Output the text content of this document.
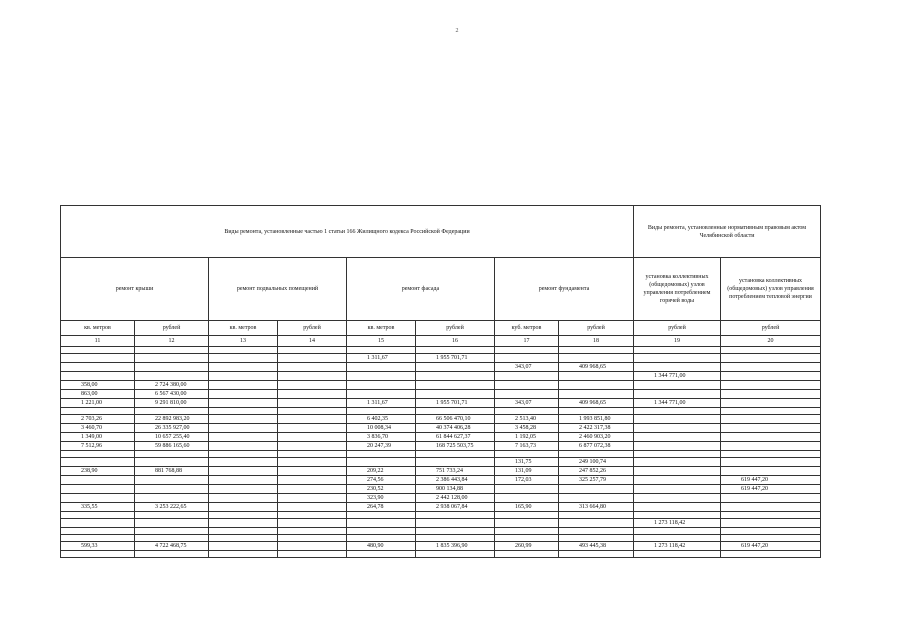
2
Виды ремонта, установленные частью 1 статьи 166 Жилищного кодекса Российской Федерации								Виды ремонта, установленные нормативным правовым актом Челябинской области	
ремонт крыши		ремонт подвальных помещений		ремонт фасада		ремонт фундамента		установка коллективных (общедомовых) узлов управления потреблением горячей воды	установка коллективных (общедомовых) узлов управления потреблением тепловой энергии
кв. метров	рублей	кв. метров	рублей	кв. метров	рублей	куб. метров	рублей	рублей	рублей
11	12	13	14	15	16	17	18	19	20

				1 311,67	1 955 701,71				
						343,07	409 968,65		
								1 344 771,00	
358,00	2 724 380,00								
863,00	6 567 430,00								
1 221,00	9 291 810,00			1 311,67	1 955 701,71	343,07	409 968,65	1 344 771,00	

2 703,26	22 892 983,20			6 402,35	66 506 470,10	2 513,40	1 993 851,80		
3 460,70	26 335 927,00			10 008,34	40 374 406,28	3 458,28	2 422 317,38		
1 349,00	10 657 255,40			3 836,70	61 844 627,37	1 192,05	2 460 903,20		
7 512,96	59 886 165,60			20 247,39	168 725 503,75	7 163,73	6 877 072,38		

						131,75	249 100,74		
238,90	881 768,88			209,22	751 733,24	131,09	247 852,26		
				274,56	2 386 443,84	172,03	325 257,79		619 447,20
				230,52	900 134,88				619 447,20
				323,90	2 442 128,00				
335,55	3 253 222,65			264,78	2 938 067,84	165,90	313 664,80		

								1 273 118,42	

599,33	4 722 468,75			480,90	1 835 396,90	260,99	493 445,38	1 273 118,42	619 447,20
